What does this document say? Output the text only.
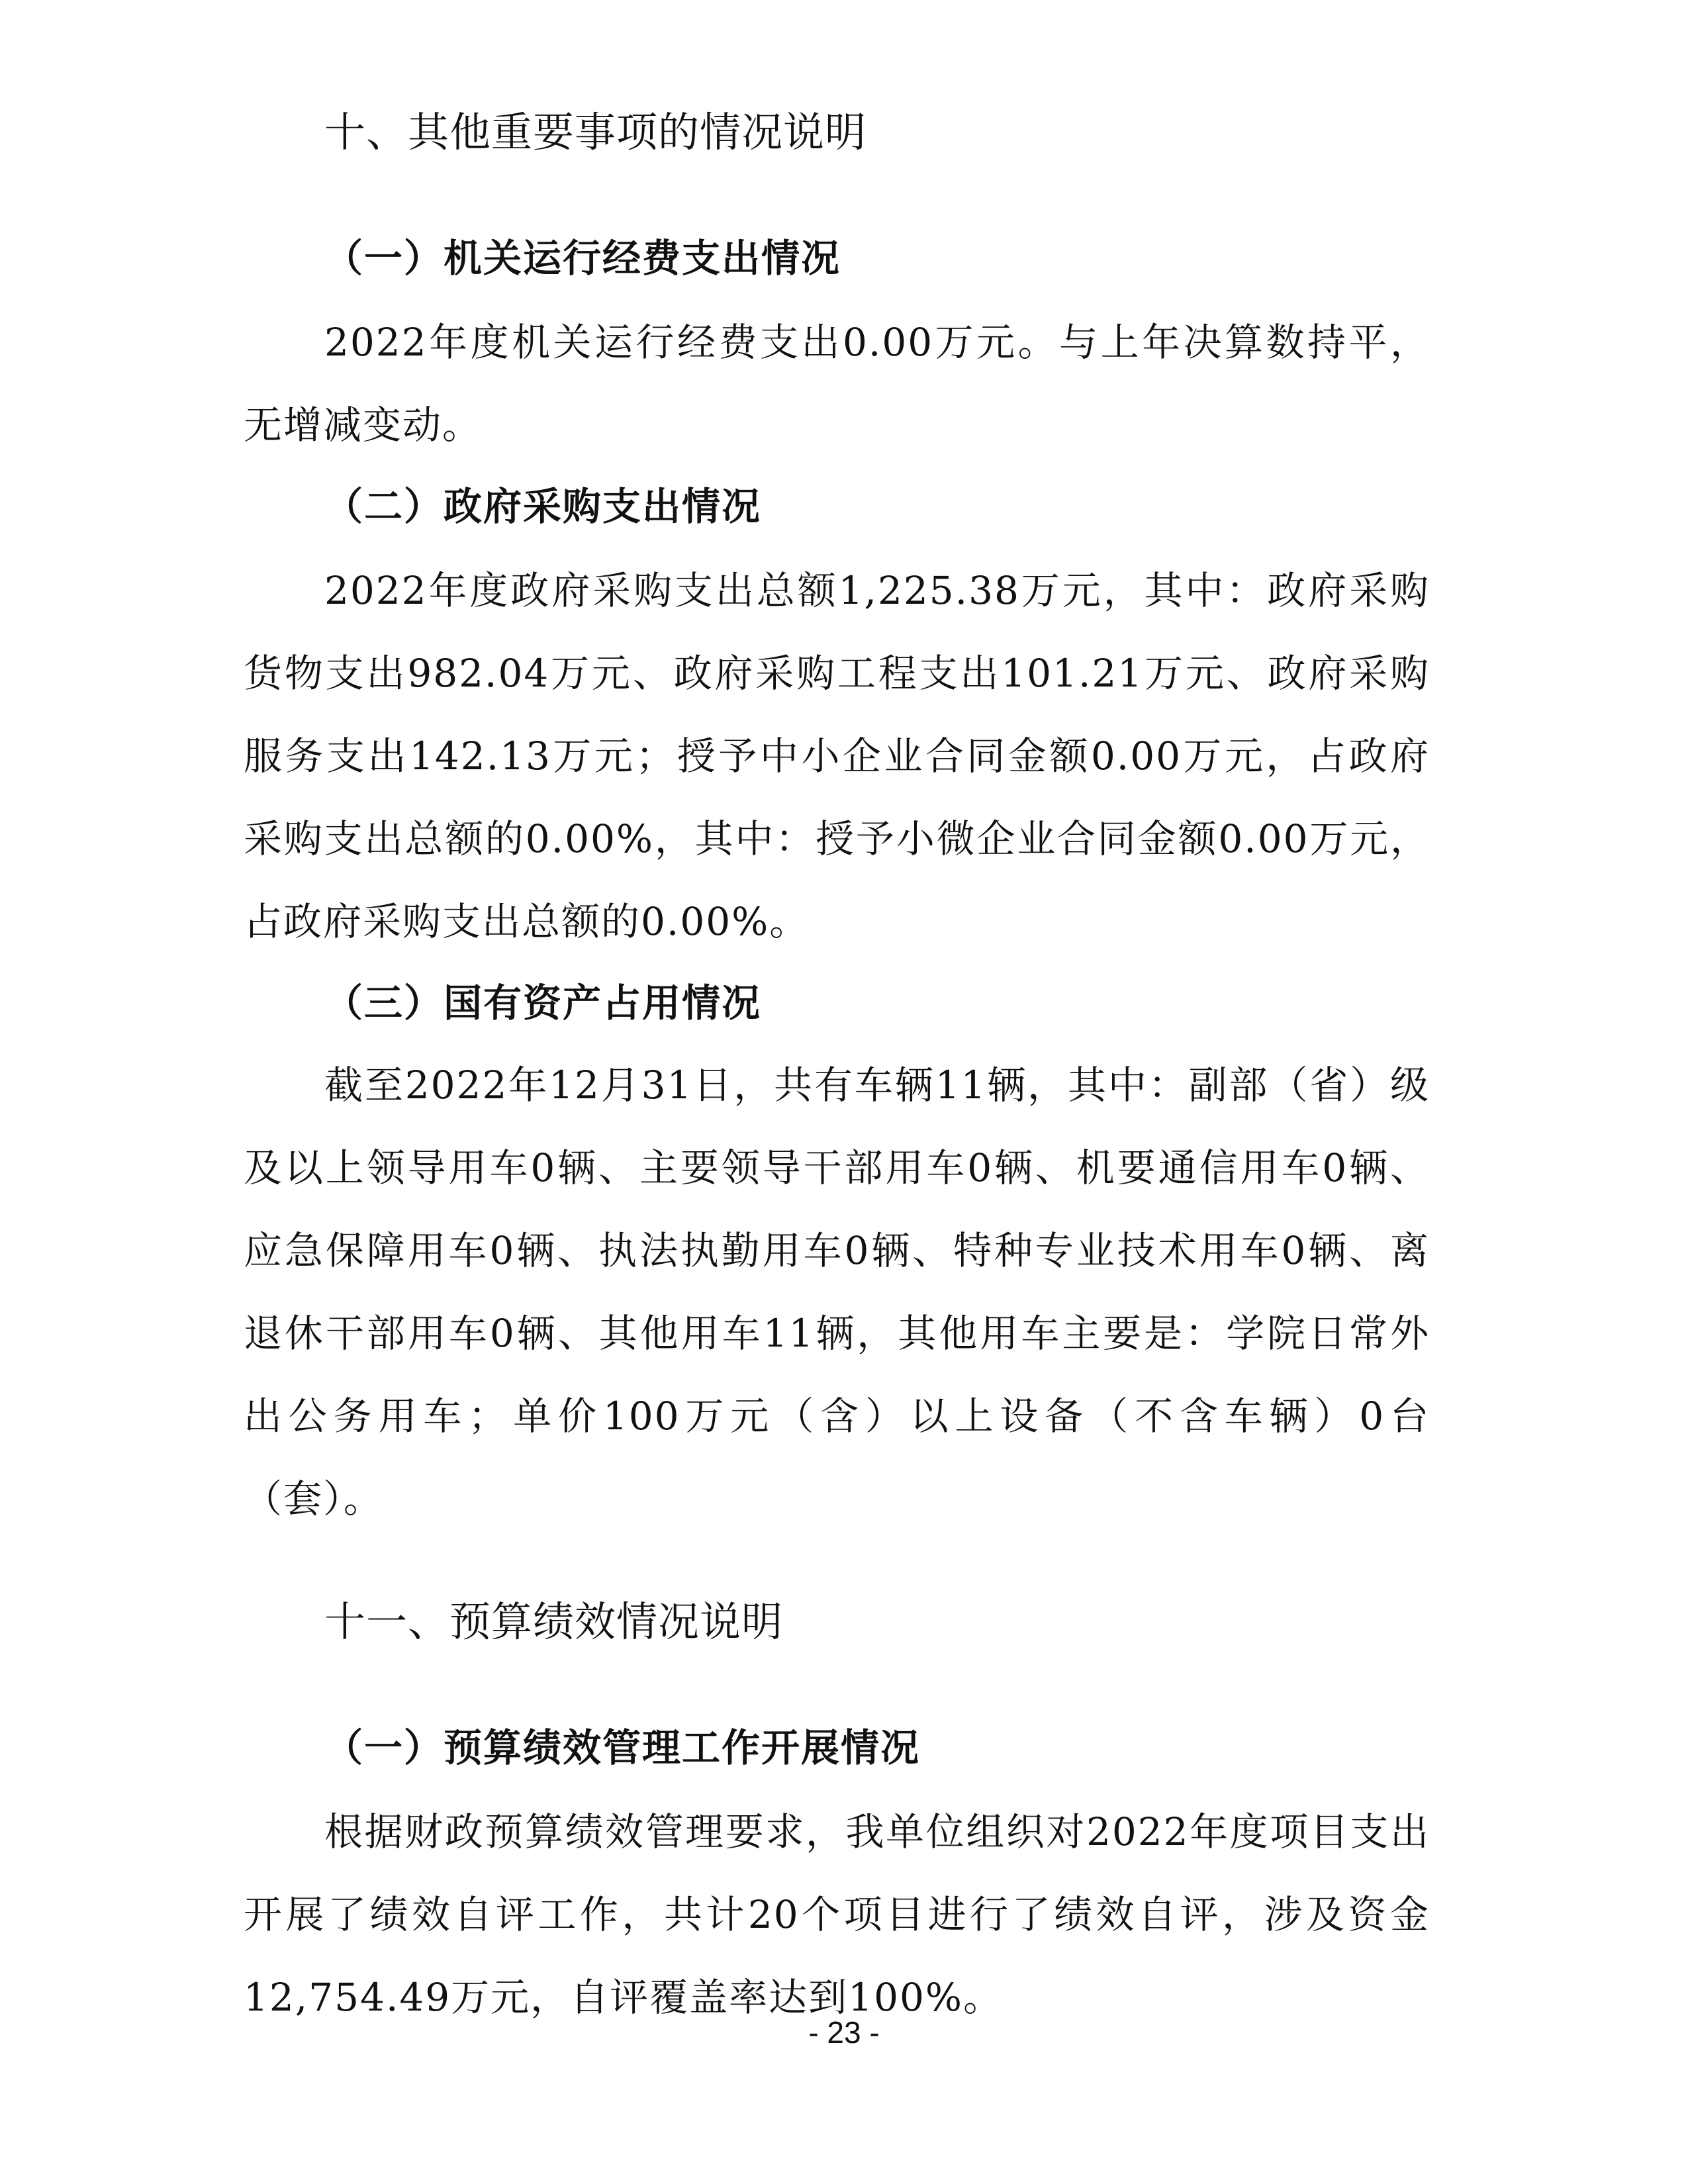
十、其他重要事项的情况说明
（一）机关运行经费支出情况

2022年度机关运行经费支出0.00万元。与上年决算数持平，无增减变动。

（二）政府采购支出情况

2022年度政府采购支出总额1,225.38万元，其中：政府采购货物支出982.04万元、政府采购工程支出101.21万元、政府采购服务支出142.13万元；授予中小企业合同金额0.00万元，占政府采购支出总额的0.00%，其中：授予小微企业合同金额0.00万元，占政府采购支出总额的0.00%。

（三）国有资产占用情况

截至2022年12月31日，共有车辆11辆，其中：副部（省）级及以上领导用车0辆、主要领导干部用车0辆、机要通信用车0辆、应急保障用车0辆、执法执勤用车0辆、特种专业技术用车0辆、离退休干部用车0辆、其他用车11辆，其他用车主要是：学院日常外出公务用车；单价100万元（含）以上设备（不含车辆）0台（套）。

十一、预算绩效情况说明
（一）预算绩效管理工作开展情况

根据财政预算绩效管理要求，我单位组织对2022年度项目支出开展了绩效自评工作，共计20个项目进行了绩效自评，涉及资金12,754.49万元，自评覆盖率达到100%。

- 23 -
